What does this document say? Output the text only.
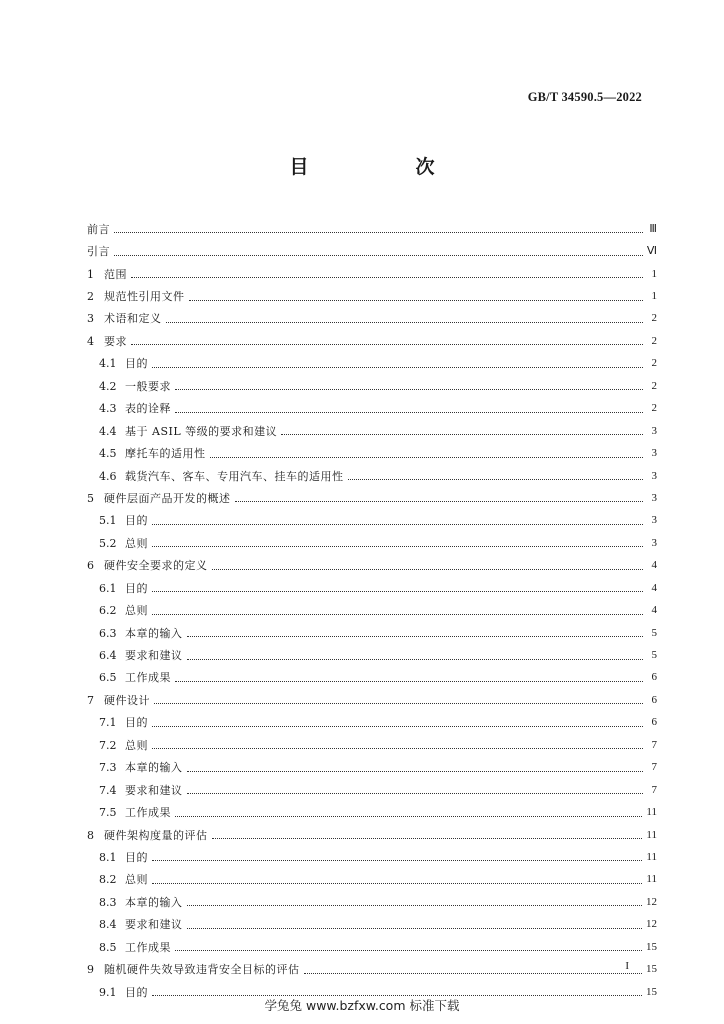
GB/T 34590.5—2022
目　次
前言	Ⅲ
引言	Ⅵ
1 范围	1
2 规范性引用文件	1
3 术语和定义	2
4 要求	2
4.1 目的	2
4.2 一般要求	2
4.3 表的诠释	2
4.4 基于 ASIL 等级的要求和建议	3
4.5 摩托车的适用性	3
4.6 载货汽车、客车、专用汽车、挂车的适用性	3
5 硬件层面产品开发的概述	3
5.1 目的	3
5.2 总则	3
6 硬件安全要求的定义	4
6.1 目的	4
6.2 总则	4
6.3 本章的输入	5
6.4 要求和建议	5
6.5 工作成果	6
7 硬件设计	6
7.1 目的	6
7.2 总则	7
7.3 本章的输入	7
7.4 要求和建议	7
7.5 工作成果	11
8 硬件架构度量的评估	11
8.1 目的	11
8.2 总则	11
8.3 本章的输入	12
8.4 要求和建议	12
8.5 工作成果	15
9 随机硬件失效导致违背安全目标的评估	15
9.1 目的	15
I
学兔兔 www.bzfxw.com 标准下载
